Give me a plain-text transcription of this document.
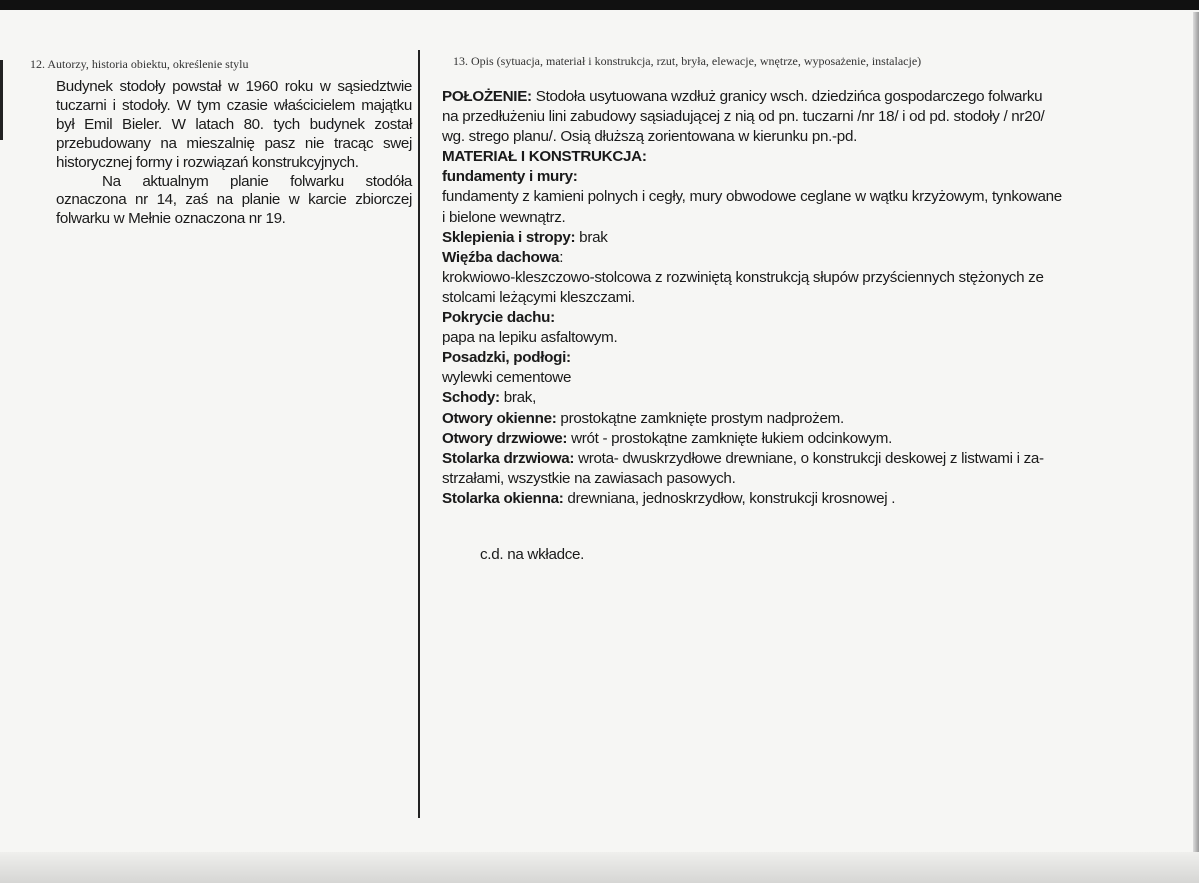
12. Autorzy, historia obiektu, określenie stylu

Budynek stodoły powstał w 1960 roku w sąsiedztwie tuczarni i stodoły. W tym czasie właścicielem majątku był Emil Bieler. W latach 80. tych budynek został przebudowany na mieszalnię pasz nie tracąc swej historycznej formy i rozwiązań konstrukcyjnych.

Na aktualnym planie folwarku stodóła oznaczona nr 14, zaś na planie w karcie zbiorczej folwarku w Mełnie oznaczona nr 19.

13. Opis (sytuacja, materiał i konstrukcja, rzut, bryła, elewacje, wnętrze, wyposażenie, instalacje)

POŁOŻENIE: Stodoła usytuowana wzdłuż granicy wsch. dziedzińca gospodarczego folwarku

na przedłużeniu lini zabudowy sąsiadującej z nią od pn. tuczarni /nr 18/ i od pd. stodoły / nr20/

wg. strego planu/. Osią dłuższą zorientowana w kierunku pn.-pd.

MATERIAŁ I KONSTRUKCJA:

fundamenty i mury:

fundamenty z kamieni polnych i cegły, mury obwodowe ceglane w wątku krzyżowym, tynkowane

i bielone wewnątrz.

Sklepienia i stropy: brak

Więźba dachowa:

krokwiowo-kleszczowo-stolcowa z rozwiniętą konstrukcją słupów przyściennych stężonych ze

stolcami leżącymi kleszczami.

Pokrycie dachu:

papa na lepiku asfaltowym.

Posadzki, podłogi:

wylewki cementowe

Schody: brak,

Otwory okienne: prostokątne zamknięte prostym nadprożem.

Otwory drzwiowe: wrót - prostokątne zamknięte łukiem odcinkowym.

Stolarka drzwiowa: wrota- dwuskrzydłowe drewniane, o konstrukcji deskowej z listwami i za-

strzałami, wszystkie na zawiasach pasowych.

Stolarka okienna: drewniana, jednoskrzydłow, konstrukcji krosnowej .

c.d. na wkładce.
